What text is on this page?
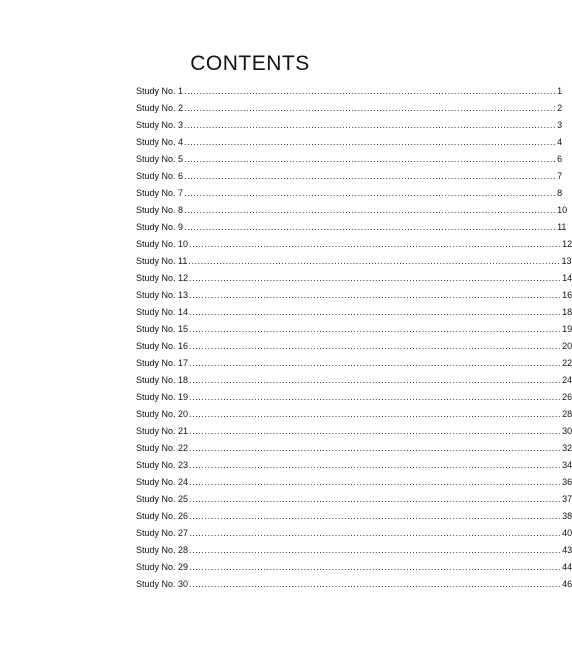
CONTENTS
Study No. 1 ........................................................................................................................ 1
Study No. 2 ........................................................................................................................ 2
Study No. 3 ........................................................................................................................ 3
Study No. 4 ........................................................................................................................ 4
Study No. 5 ........................................................................................................................ 6
Study No. 6 ........................................................................................................................ 7
Study No. 7 ........................................................................................................................ 8
Study No. 8 ........................................................................................................................ 10
Study No. 9 ........................................................................................................................ 11
Study No. 10 ........................................................................................................................ 12
Study No. 11 ........................................................................................................................ 13
Study No. 12 ........................................................................................................................ 14
Study No. 13 ........................................................................................................................ 16
Study No. 14 ........................................................................................................................ 18
Study No. 15 ........................................................................................................................ 19
Study No. 16 ........................................................................................................................ 20
Study No. 17 ........................................................................................................................ 22
Study No. 18 ........................................................................................................................ 24
Study No. 19 ........................................................................................................................ 26
Study No. 20 ........................................................................................................................ 28
Study No. 21 ........................................................................................................................ 30
Study No. 22 ........................................................................................................................ 32
Study No. 23 ........................................................................................................................ 34
Study No. 24 ........................................................................................................................ 36
Study No. 25 ........................................................................................................................ 37
Study No. 26 ........................................................................................................................ 38
Study No. 27 ........................................................................................................................ 40
Study No. 28 ........................................................................................................................ 43
Study No. 29 ........................................................................................................................ 44
Study No. 30 ........................................................................................................................ 46
